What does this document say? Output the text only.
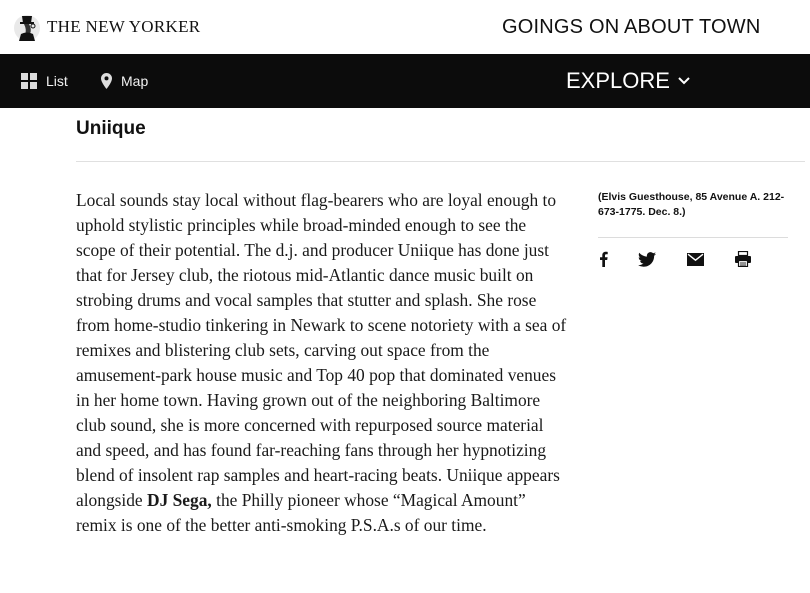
THE NEW YORKER	GOINGS ON ABOUT TOWN
List	Map	EXPLORE
Uniique

Local sounds stay local without flag-bearers who are loyal enough to uphold stylistic principles while broad-minded enough to see the scope of their potential. The d.j. and producer Uniique has done just that for Jersey club, the riotous mid-Atlantic dance music built on strobing drums and vocal samples that stutter and splash. She rose from home-studio tinkering in Newark to scene notoriety with a sea of remixes and blistering club sets, carving out space from the amusement-park house music and Top 40 pop that dominated venues in her home town. Having grown out of the neighboring Baltimore club sound, she is more concerned with repurposed source material and speed, and has found far-reaching fans through her hypnotizing blend of insolent rap samples and heart-racing beats. Uniique appears alongside DJ Sega, the Philly pioneer whose “Magical Amount” remix is one of the better anti-smoking P.S.A.s of our time.

(Elvis Guesthouse, 85 Avenue A. 212-673-1775. Dec. 8.)
